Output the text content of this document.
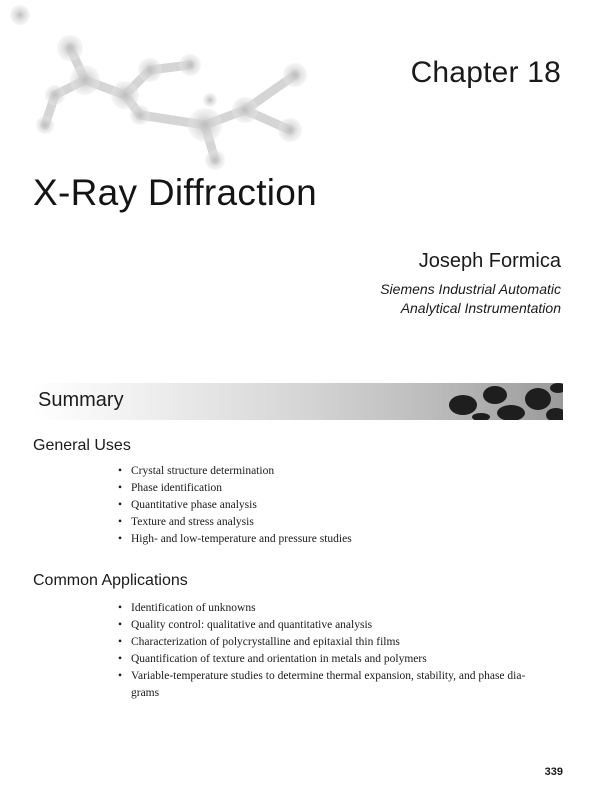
Chapter 18
X-Ray Diffraction
Joseph Formica
Siemens Industrial Automatic
Analytical Instrumentation
Summary
General Uses
• Crystal structure determination
• Phase identification
• Quantitative phase analysis
• Texture and stress analysis
• High- and low-temperature and pressure studies
Common Applications
• Identification of unknowns
• Quality control: qualitative and quantitative analysis
• Characterization of polycrystalline and epitaxial thin films
• Quantification of texture and orientation in metals and polymers
• Variable-temperature studies to determine thermal expansion, stability, and phase dia-
grams
339
